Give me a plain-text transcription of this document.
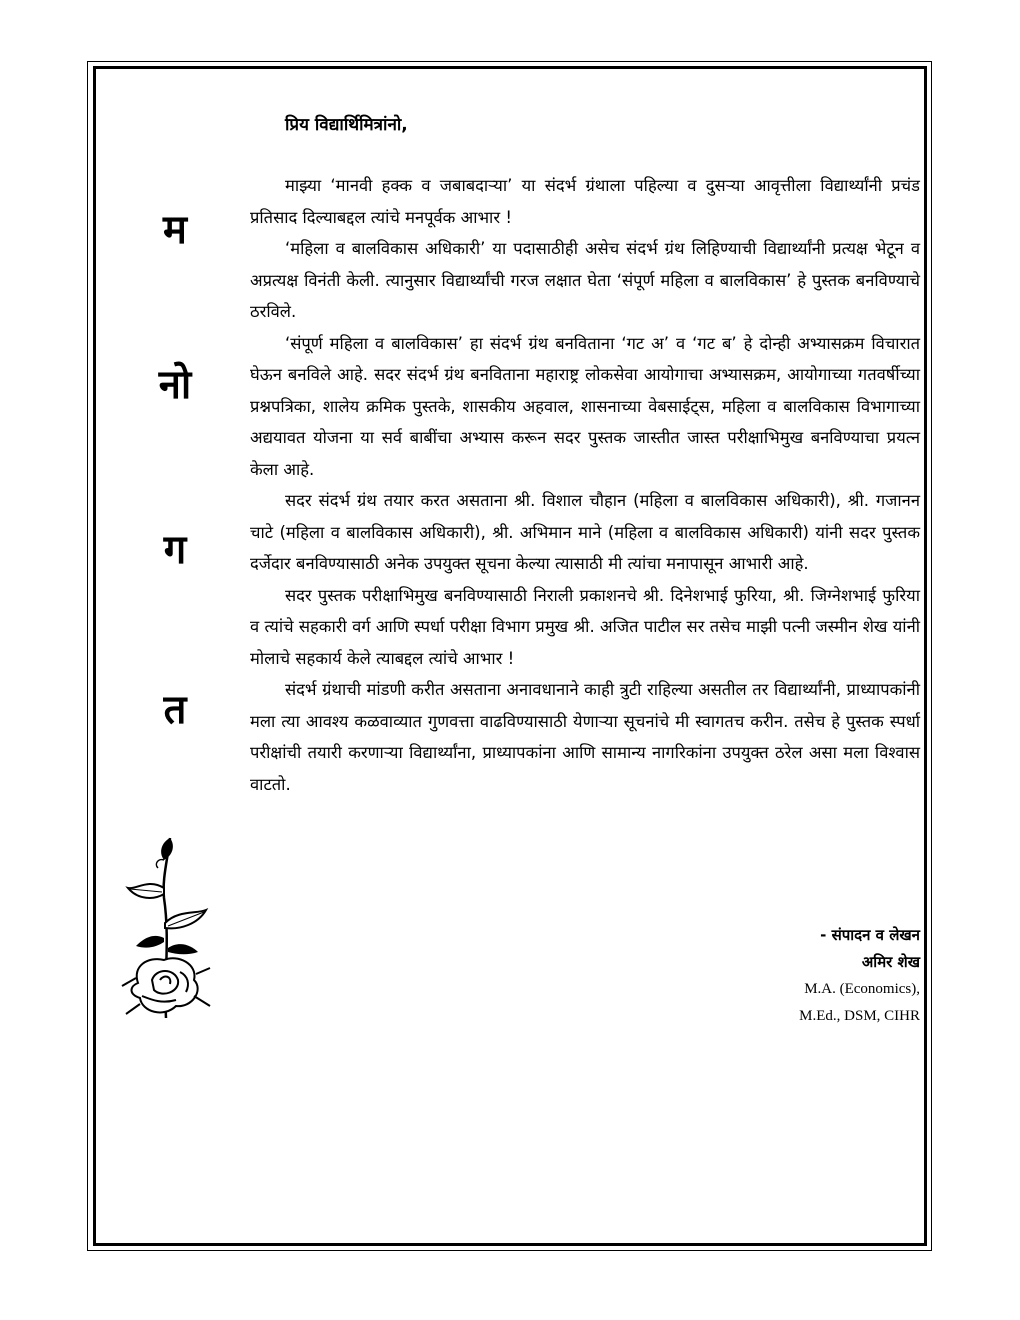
म
नो
ग
त
प्रिय विद्यार्थिमित्रांनो,

माझ्या ‘मानवी हक्क व जबाबदाऱ्या’ या संदर्भ ग्रंथाला पहिल्या व दुसऱ्या आवृत्तीला विद्यार्थ्यांनी प्रचंड प्रतिसाद दिल्याबद्दल त्यांचे मनपूर्वक आभार !

‘महिला व बालविकास अधिकारी’ या पदासाठीही असेच संदर्भ ग्रंथ लिहिण्याची विद्यार्थ्यांनी प्रत्यक्ष भेटून व अप्रत्यक्ष विनंती केली. त्यानुसार विद्यार्थ्यांची गरज लक्षात घेता ‘संपूर्ण महिला व बालविकास’ हे पुस्तक बनविण्याचे ठरविले.

‘संपूर्ण महिला व बालविकास’ हा संदर्भ ग्रंथ बनविताना ‘गट अ’ व ‘गट ब’ हे दोन्ही अभ्यासक्रम विचारात घेऊन बनविले आहे. सदर संदर्भ ग्रंथ बनविताना महाराष्ट्र लोकसेवा आयोगाचा अभ्यासक्रम, आयोगाच्या गतवर्षीच्या प्रश्नपत्रिका, शालेय क्रमिक पुस्तके, शासकीय अहवाल, शासनाच्या वेबसाईट्स, महिला व बालविकास विभागाच्या अद्ययावत योजना या सर्व बाबींचा अभ्यास करून सदर पुस्तक जास्तीत जास्त परीक्षाभिमुख बनविण्याचा प्रयत्न केला आहे.

सदर संदर्भ ग्रंथ तयार करत असताना श्री. विशाल चौहान (महिला व बालविकास अधिकारी), श्री. गजानन चाटे (महिला व बालविकास अधिकारी), श्री. अभिमान माने (महिला व बालविकास अधिकारी) यांनी सदर पुस्तक दर्जेदार बनविण्यासाठी अनेक उपयुक्त सूचना केल्या त्यासाठी मी त्यांचा मनापासून आभारी आहे.

सदर पुस्तक परीक्षाभिमुख बनविण्यासाठी निराली प्रकाशनचे श्री. दिनेशभाई फुरिया, श्री. जिग्नेशभाई फुरिया व त्यांचे सहकारी वर्ग आणि स्पर्धा परीक्षा विभाग प्रमुख श्री. अजित पाटील सर तसेच माझी पत्नी जस्मीन शेख यांनी मोलाचे सहकार्य केले त्याबद्दल त्यांचे आभार !

संदर्भ ग्रंथाची मांडणी करीत असताना अनावधानाने काही त्रुटी राहिल्या असतील तर विद्यार्थ्यांनी, प्राध्यापकांनी मला त्या आवश्य कळवाव्यात गुणवत्ता वाढविण्यासाठी येणाऱ्या सूचनांचे मी स्वागतच करीन. तसेच हे पुस्तक स्पर्धा परीक्षांची तयारी करणाऱ्या विद्यार्थ्यांना, प्राध्यापकांना आणि सामान्य नागरिकांना उपयुक्त ठरेल असा मला विश्वास वाटतो.

- संपादन व लेखन
अमिर शेख
M.A. (Economics),
M.Ed., DSM, CIHR
